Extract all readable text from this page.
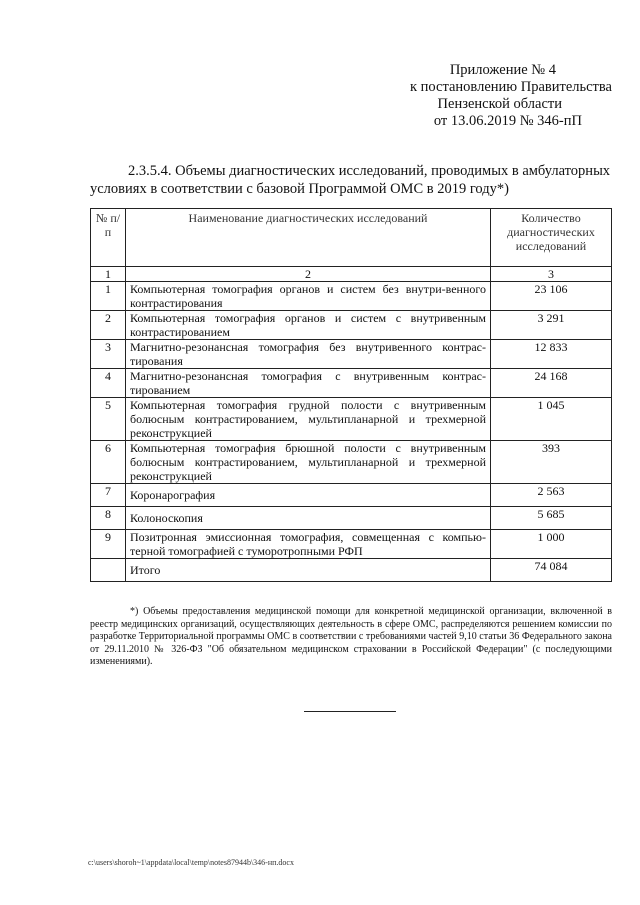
Приложение № 4
к постановлению Правительства
Пензенской области
от 13.06.2019 № 346-пП
2.3.5.4. Объемы диагностических исследований, проводимых в амбулаторных
условиях в соответствии с базовой Программой ОМС в 2019 году*)
№ п/п	Наименование диагностических исследований	Количество диагностических исследований
1	2	3
1	Компьютерная томография органов и систем без внутри-венного контрастирования	23 106
2	Компьютерная томография органов и систем с внутривенным контрастированием	3 291
3	Магнитно-резонансная томография без внутривенного контрас-тирования	12 833
4	Магнитно-резонансная томография с внутривенным контрас-тированием	24 168
5	Компьютерная томография грудной полости с внутривенным болюсным контрастированием, мультипланарной и трехмерной реконструкцией	1 045
6	Компьютерная томография брюшной полости с внутривенным болюсным контрастированием, мультипланарной и трехмерной реконструкцией	393
7	Коронарография	2 563
8	Колоноскопия	5 685
9	Позитронная эмиссионная томография, совмещенная с компью-терной томографией с туморотропными РФП	1 000
	Итого	74 084

*) Объемы предоставления медицинской помощи для конкретной медицинской организации, включенной в реестр медицинских организаций, осуществляющих деятельность в сфере ОМС, распределяются решением комиссии по разработке Территориальной программы ОМС в соответствии с требованиями частей 9,10 статьи 36 Федерального закона от 29.11.2010 № 326-ФЗ "Об обязательном медицинском страховании в Российской Федерации" (с последующими изменениями).

c:\users\shoroh~1\appdata\local\temp\notes87944b\346-нп.docx
